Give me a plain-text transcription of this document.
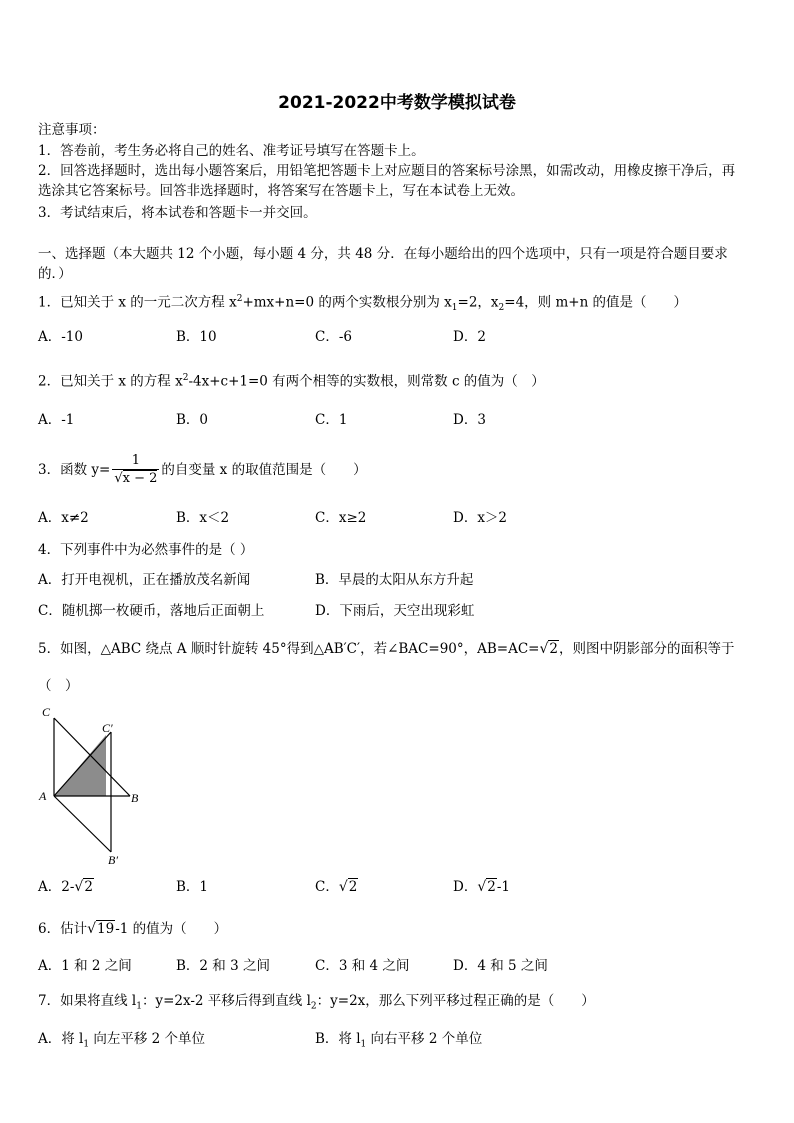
2021-2022中考数学模拟试卷
注意事项：
1．答卷前，考生务必将自己的姓名、准考证号填写在答题卡上。
2．回答选择题时，选出每小题答案后，用铅笔把答题卡上对应题目的答案标号涂黑，如需改动，用橡皮擦干净后，再
选涂其它答案标号。回答非选择题时，将答案写在答题卡上，写在本试卷上无效。
3．考试结束后，将本试卷和答题卡一并交回。
一、选择题（本大题共 12 个小题，每小题 4 分，共 48 分．在每小题给出的四个选项中，只有一项是符合题目要求
的．）
1．已知关于 x 的一元二次方程 $x^2+mx+n=0$ 的两个实数根分别为 $x_1=2$，$x_2=4$，则 m+n 的值是（　　）
A．-10	B．10	C．-6	D．2
2．已知关于 x 的方程 $x^2-4x+c+1=0$ 有两个相等的实数根，则常数 c 的值为（　）
A．-1	B．0	C．1	D．3
3．函数 $y= \frac{1}{√x - 2}$ 的自变量 x 的取值范围是（　　）
A．x≠2	B．x＜2	C．x≥2	D．x＞2
4．下列事件中为必然事件的是（ ）
A．打开电视机，正在播放茂名新闻	B．早晨的太阳从东方升起
C．随机掷一枚硬币，落地后正面朝上	D．下雨后，天空出现彩虹
5．如图，△ABC 绕点 A 顺时针旋转 45°得到△AB′C′，若∠BAC=90°，AB=AC=√2，则图中阴影部分的面积等于
（　）
C
C′
A	B
B′
A．2-√2	B．1	C．√2	D．√2-1
6．估计√19-1 的值为（　　）
A．1 和 2 之间	B．2 和 3 之间	C．3 和 4 之间	D．4 和 5 之间
7．如果将直线 $l_1$：y=2x-2 平移后得到直线 $l_2$：y=2x，那么下列平移过程正确的是（　　）
A．将 $l_1$ 向左平移 2 个单位	B．将 $l_1$ 向右平移 2 个单位
